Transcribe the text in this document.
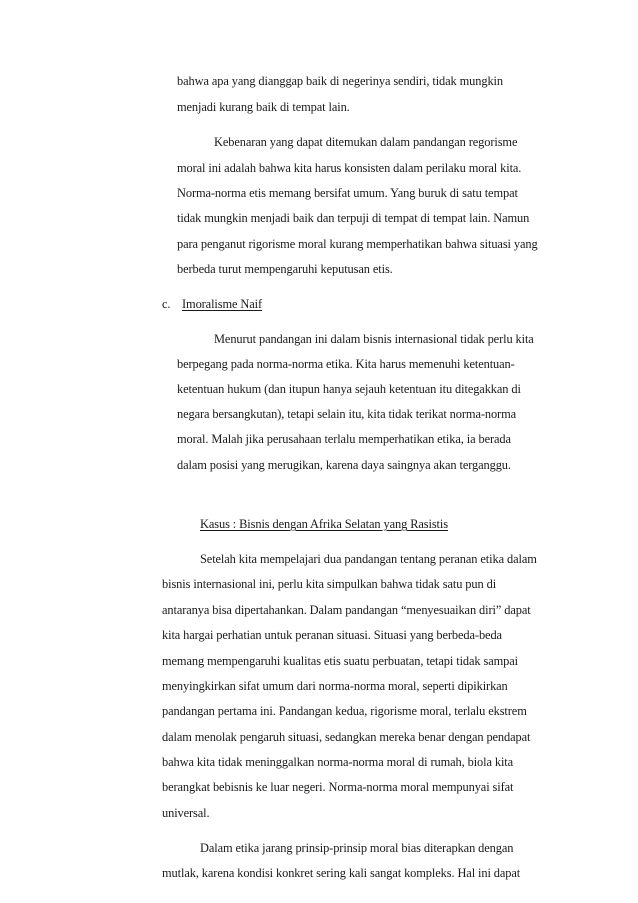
bahwa apa yang dianggap baik di negerinya sendiri, tidak mungkin
menjadi kurang baik di tempat lain.
Kebenaran yang dapat ditemukan dalam pandangan regorisme
moral ini adalah bahwa kita harus konsisten dalam perilaku moral kita.
Norma-norma etis memang bersifat umum. Yang buruk di satu tempat
tidak mungkin menjadi baik dan terpuji di tempat di tempat lain. Namun
para penganut rigorisme moral kurang memperhatikan bahwa situasi yang
berbeda turut mempengaruhi keputusan etis.
c. Imoralisme Naif
Menurut pandangan ini dalam bisnis internasional tidak perlu kita
berpegang pada norma-norma etika. Kita harus memenuhi ketentuan-
ketentuan hukum (dan itupun hanya sejauh ketentuan itu ditegakkan di
negara bersangkutan), tetapi selain itu, kita tidak terikat norma-norma
moral. Malah jika perusahaan terlalu memperhatikan etika, ia berada
dalam posisi yang merugikan, karena daya saingnya akan terganggu.
Kasus : Bisnis dengan Afrika Selatan yang Rasistis
Setelah kita mempelajari dua pandangan tentang peranan etika dalam
bisnis internasional ini, perlu kita simpulkan bahwa tidak satu pun di
antaranya bisa dipertahankan. Dalam pandangan “menyesuaikan diri” dapat
kita hargai perhatian untuk peranan situasi. Situasi yang berbeda-beda
memang mempengaruhi kualitas etis suatu perbuatan, tetapi tidak sampai
menyingkirkan sifat umum dari norma-norma moral, seperti dipikirkan
pandangan pertama ini. Pandangan kedua, rigorisme moral, terlalu ekstrem
dalam menolak pengaruh situasi, sedangkan mereka benar dengan pendapat
bahwa kita tidak meninggalkan norma-norma moral di rumah, biola kita
berangkat bebisnis ke luar negeri. Norma-norma moral mempunyai sifat
universal.
Dalam etika jarang prinsip-prinsip moral bias diterapkan dengan
mutlak, karena kondisi konkret sering kali sangat kompleks. Hal ini dapat
